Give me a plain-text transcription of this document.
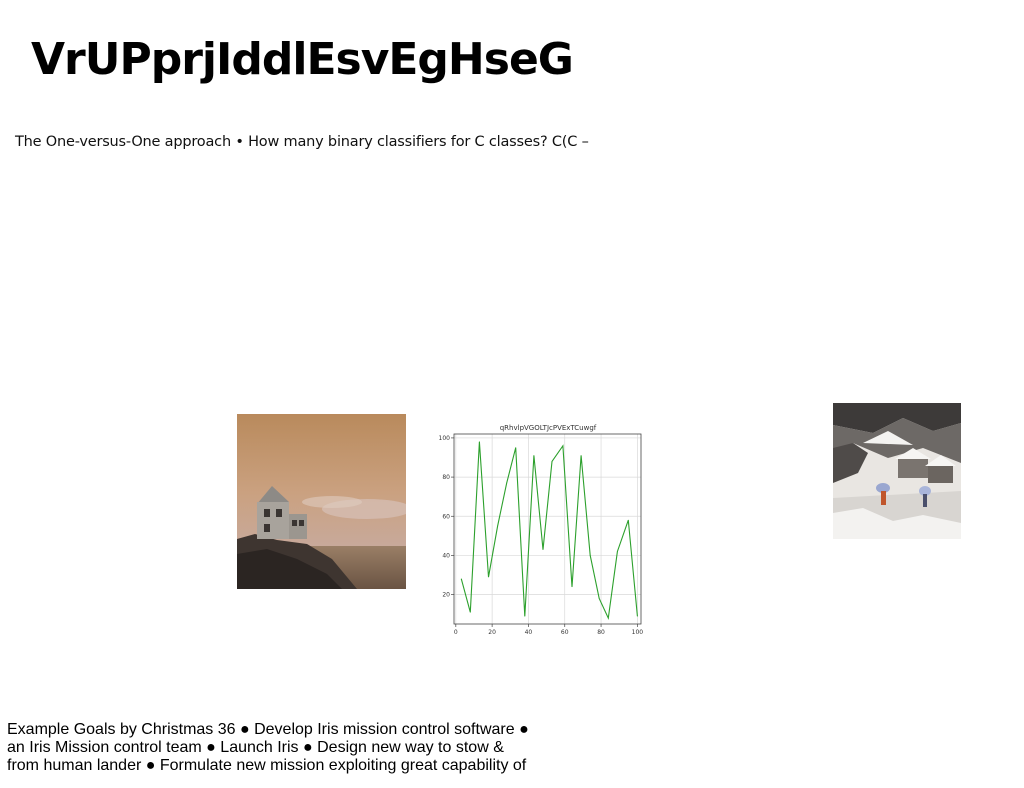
VrUPprjIddlEsvEgHseG
The One-versus-One approach • How many binary classifiers for C classes? C(C –
qRhvlpVGOLTJcPVExTCuwgf
0	20	40	60	80	100
20
40
60
80
100
Example Goals by Christmas 36 ● Develop Iris mission control software ●
an Iris Mission control team ● Launch Iris ● Design new way to stow &
from human lander ● Formulate new mission exploiting great capability of
